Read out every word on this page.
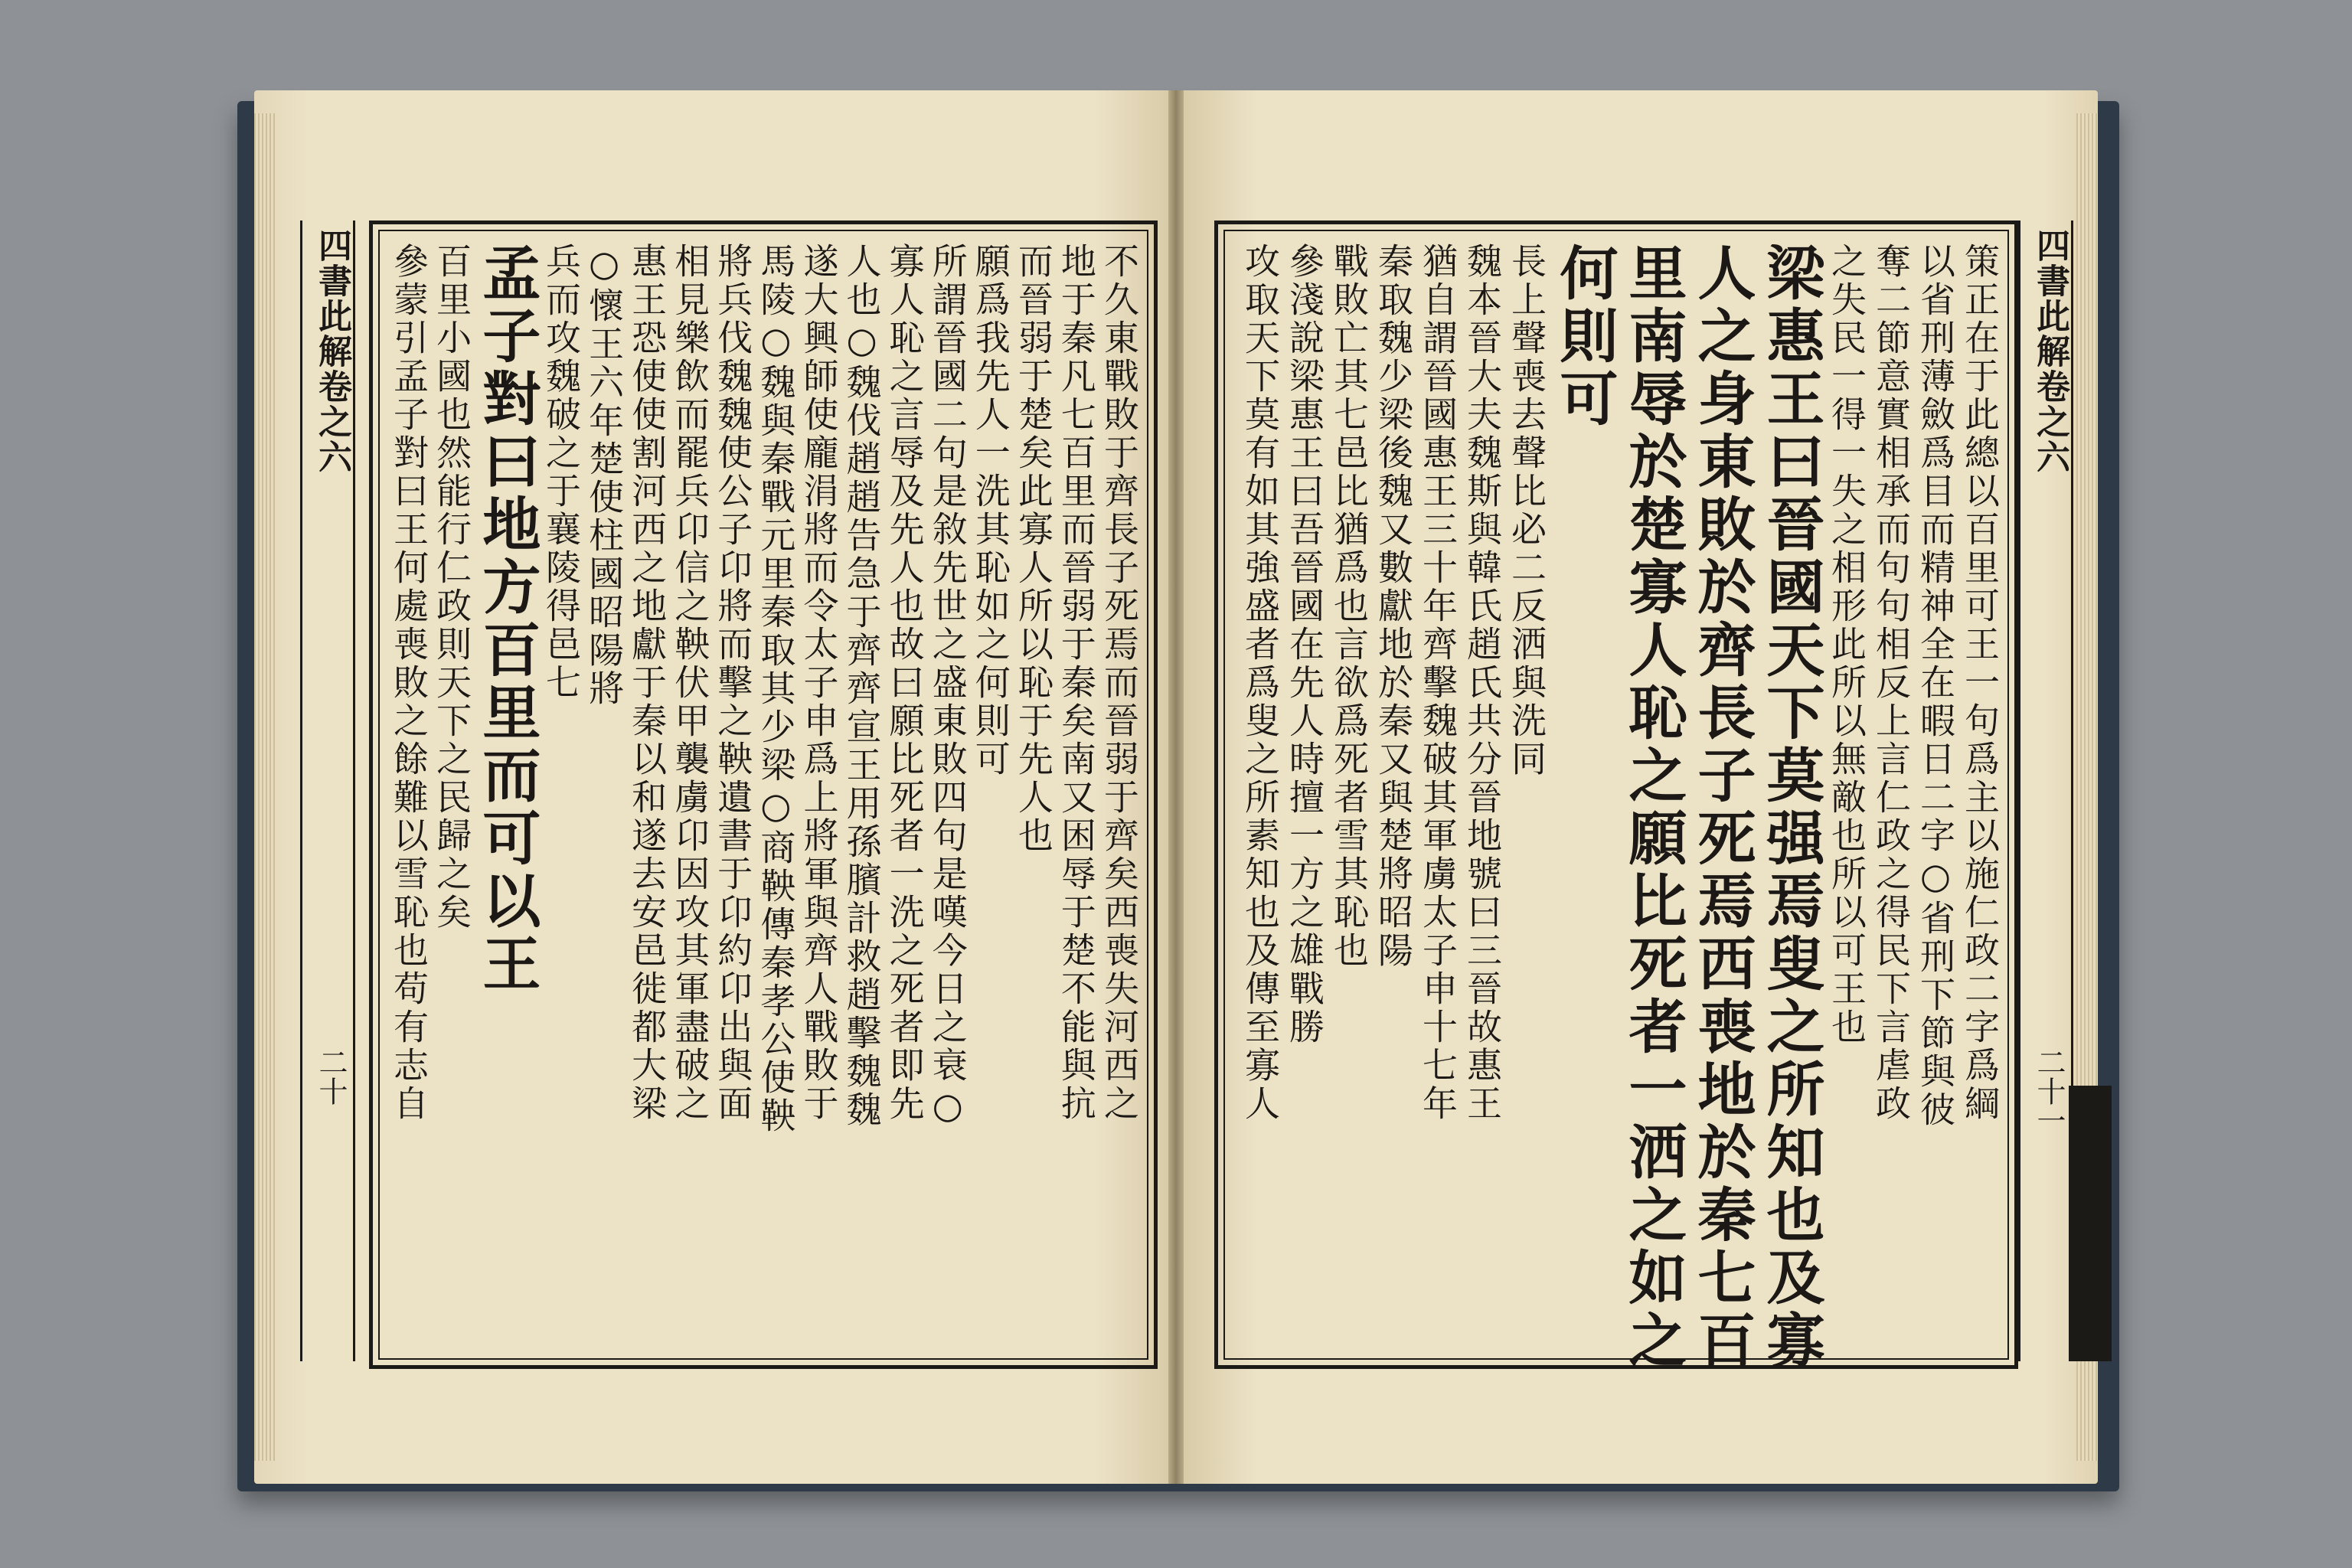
四書此解卷之六
二十	不久東戰敗于齊長子死焉而晉弱于齊矣西喪失河西之
地于秦凡七百里而晉弱于秦矣南又困辱于楚不能與抗
而晉弱于楚矣此寡人所以恥于先人也
願爲我先人一洗其恥如之何則可
所謂晉國二句是敘先世之盛東敗四句是嘆今日之衰○
寡人恥之言辱及先人也故曰願比死者一洗之死者即先
人也○魏伐趙趙告急于齊齊宣王用孫臏計救趙擊魏魏
遂大興師使龐涓將而令太子申爲上將軍與齊人戰敗于
馬陵○魏與秦戰元里秦取其少梁○商鞅傳秦孝公使鞅
將兵伐魏魏使公子卬將而擊之鞅遺書于卬約卬出與面
相見樂飲而罷兵卬信之鞅伏甲襲虜卬因攻其軍盡破之
惠王恐使使割河西之地獻于秦以和遂去安邑徙都大梁
○懷王六年楚使柱國昭陽將
兵而攻魏破之于襄陵得邑七
孟子對曰地方百里而可以王
百里小國也然能行仁政則天下之民歸之矣
參蒙引孟子對曰王何處喪敗之餘難以雪恥也苟有志自	四書此解卷之六
二十一
策正在于此總以百里可王一句爲主以施仁政二字爲綱
以省刑薄斂爲目而精神全在暇日二字○省刑下節與彼
奪二節意實相承而句句相反上言仁政之得民下言虐政
之失民一得一失之相形此所以無敵也所以可王也
梁惠王曰晉國天下莫强焉叟之所知也及寡
人之身東敗於齊長子死焉西喪地於秦七百
里南辱於楚寡人恥之願比死者一洒之如之
何則可
長上聲喪去聲比必二反洒與洗同
魏本晉大夫魏斯與韓氏趙氏共分晉地號曰三晉故惠王
猶自謂晉國惠王三十年齊擊魏破其軍虜太子申十七年
秦取魏少梁後魏又數獻地於秦又與楚將昭陽
戰敗亡其七邑比猶爲也言欲爲死者雪其恥也
參淺說梁惠王曰吾晉國在先人時擅一方之雄戰勝
攻取天下莫有如其強盛者爲叟之所素知也及傳至寡人
